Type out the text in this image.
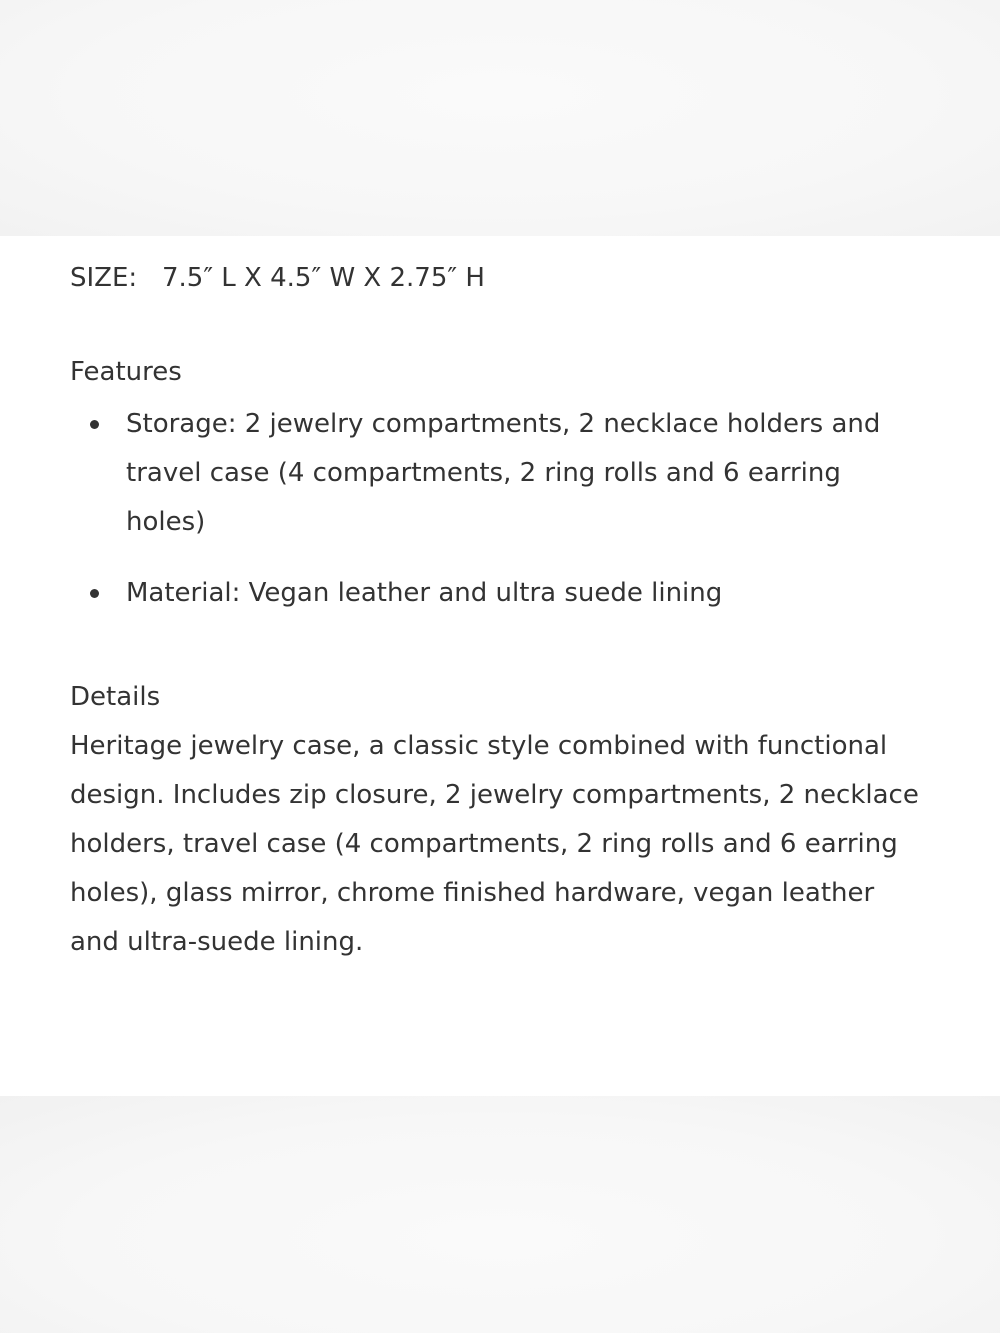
SIZE:   7.5″ L X 4.5″ W X 2.75″ H
Features
Storage: 2 jewelry compartments, 2 necklace holders and travel case (4 compartments, 2 ring rolls and 6 earring holes)
Material: Vegan leather and ultra suede lining
Details
Heritage jewelry case, a classic style combined with functional design. Includes zip closure, 2 jewelry compartments, 2 necklace holders, travel case (4 compartments, 2 ring rolls and 6 earring holes), glass mirror, chrome finished hardware, vegan leather and ultra-suede lining.
